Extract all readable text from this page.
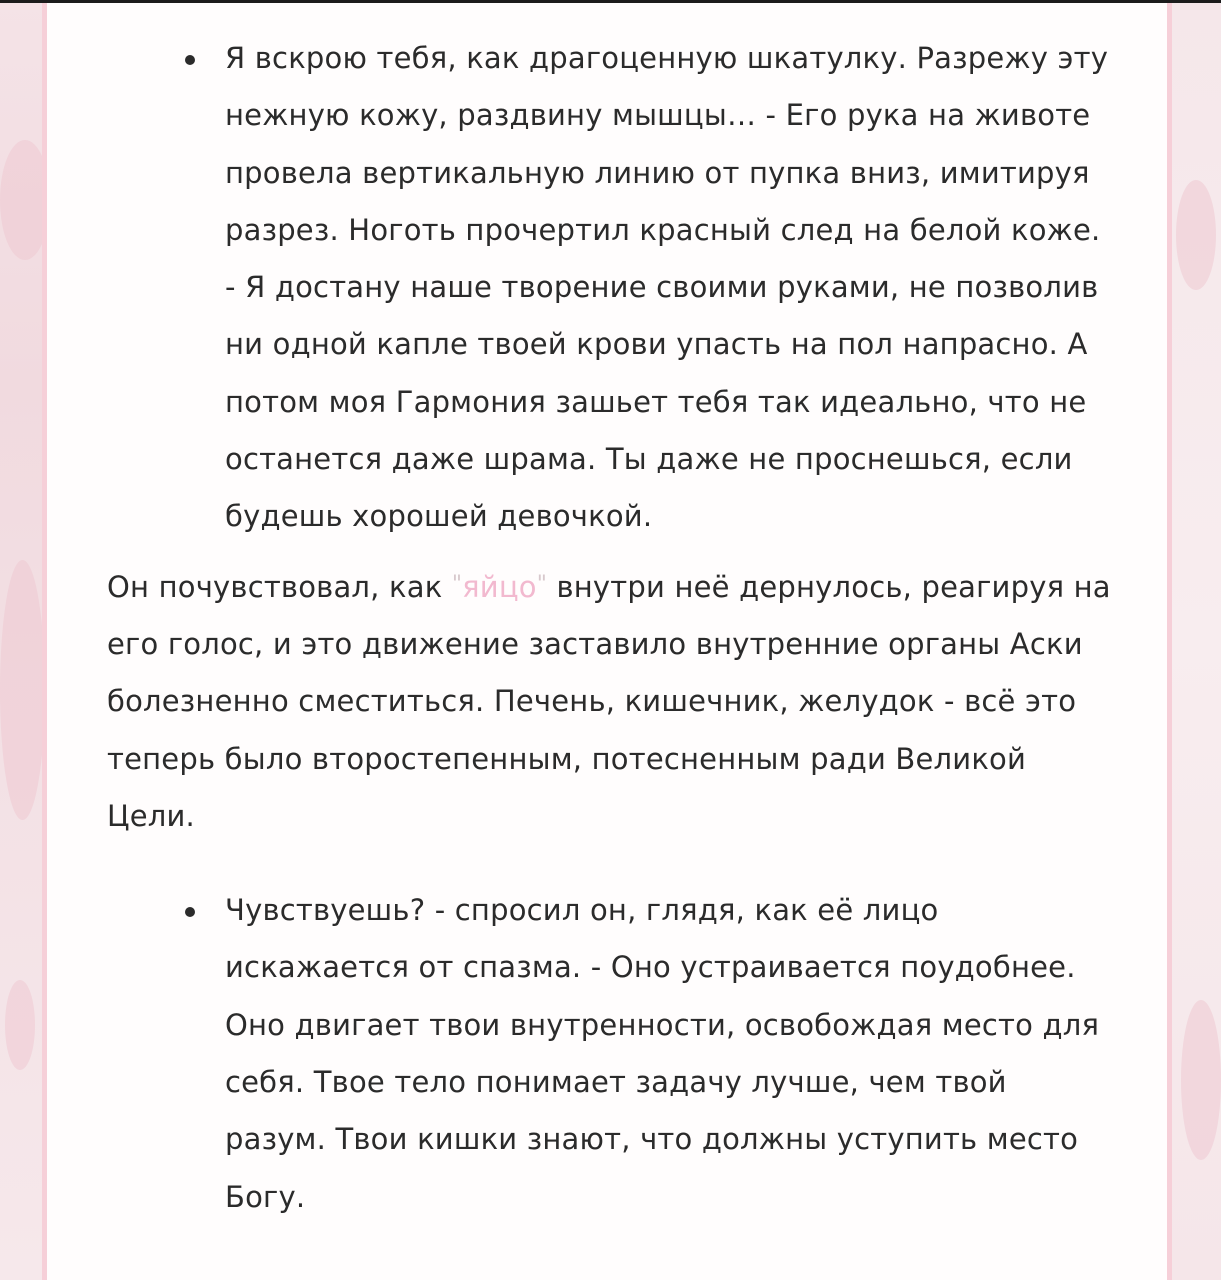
Я вскрою тебя, как драгоценную шкатулку. Разрежу эту нежную кожу, раздвину мышцы… - Его рука на животе провела вертикальную линию от пупка вниз, имитируя разрез. Ноготь прочертил красный след на белой коже. - Я достану наше творение своими руками, не позволив ни одной капле твоей крови упасть на пол напрасно. А потом моя Гармония зашьет тебя так идеально, что не останется даже шрама. Ты даже не проснешься, если будешь хорошей девочкой.

Он почувствовал, как "яйцо" внутри неё дернулось, реагируя на его голос, и это движение заставило внутренние органы Аски болезненно сместиться. Печень, кишечник, желудок - всё это теперь было второстепенным, потесненным ради Великой Цели.

Чувствуешь? - спросил он, глядя, как её лицо искажается от спазма. - Оно устраивается поудобнее. Оно двигает твои внутренности, освобождая место для себя. Твое тело понимает задачу лучше, чем твой разум. Твои кишки знают, что должны уступить место Богу.
